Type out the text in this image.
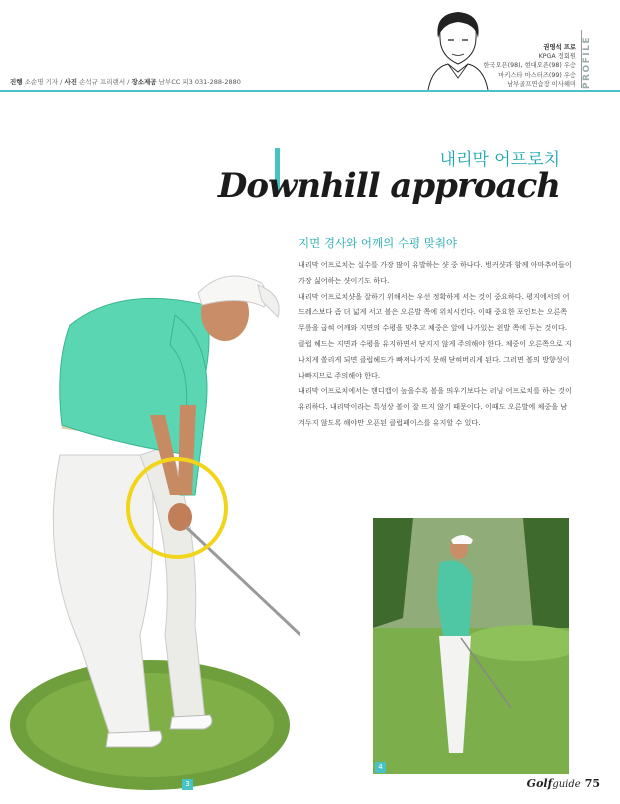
진행 소순명 기자 / 사진 손석규 프리랜서 / 장소제공 남부CC 피3 031-288-2880
권영석 프로
KPGA 정회원
한국오픈(98), 현대오픈(98) 우승
마키스타 마스터즈(99) 우승
남부골프연습장 이사헤미 PROFILE
내리막 어프로치
Downhill approach
지면 경사와 어깨의 수평 맞춰야

내리막 어프로치는 실수를 가장 많이 유발하는 샷 중 하나다. 벙커샷과 함께 아마추어들이 가장 싫어하는 샷이기도 하다.

내리막 어프로치샷을 잘하기 위해서는 우선 정확하게 서는 것이 중요하다. 평지에서의 어드레스보다 좀 더 넓게 서고 볼은 오른발 쪽에 위치시킨다. 이때 중요한 포인트는 오른쪽 무릎을 굽혀 어깨와 지면의 수평을 맞추고 체중은 앞에 나가있는 왼발 쪽에 두는 것이다.

클럽 헤드는 지면과 수평을 유지하면서 닫지지 않게 주의해야 한다. 체중이 오른쪽으로 지나치게 쏠리게 되면 클럽헤드가 빠져나가지 못해 닫혀버리게 된다. 그러면 볼의 방향성이 나빠지므로 주의해야 한다.

내리막 어프로치에서는 핸디캡이 높을수록 볼을 띄우기보다는 러닝 어프로치를 하는 것이 유리하다. 내리막이라는 특성상 볼이 잘 뜨지 않기 때문이다. 이때도 오른발에 체중을 남겨두지 않도록 해야만 오픈된 클럽페이스를 유지할 수 있다.

3
4
Golfguide 75
